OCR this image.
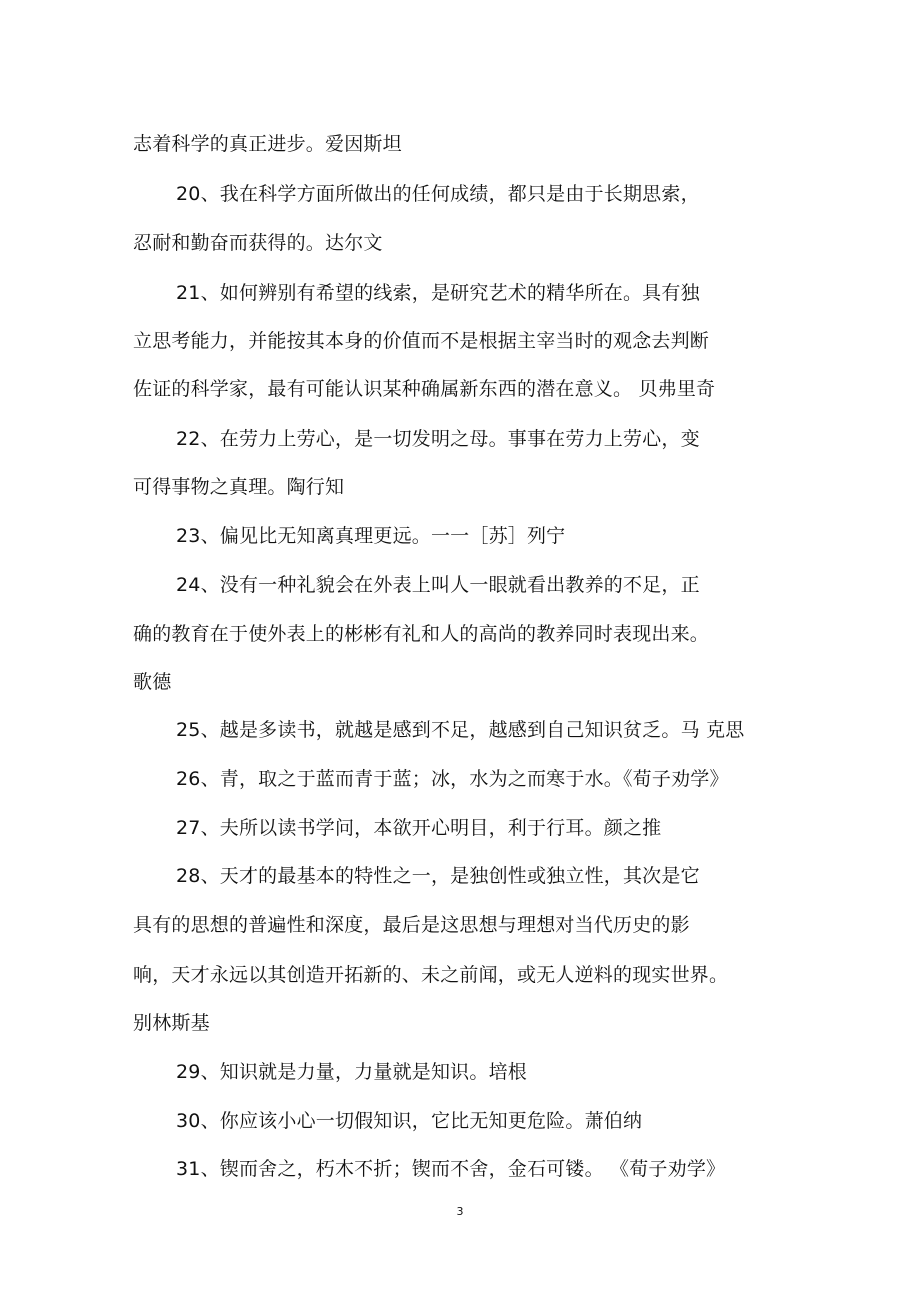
志着科学的真正进步。爱因斯坦
20、我在科学方面所做出的任何成绩，都只是由于长期思索，
忍耐和勤奋而获得的。达尔文
21、如何辨别有希望的线索，是研究艺术的精华所在。具有独
立思考能力，并能按其本身的价值而不是根据主宰当时的观念去判断
佐证的科学家，最有可能认识某种确属新东西的潜在意义。 贝弗里奇
22、在劳力上劳心，是一切发明之母。事事在劳力上劳心，变
可得事物之真理。陶行知
23、偏见比无知离真理更远。一一［苏］列宁
24、没有一种礼貌会在外表上叫人一眼就看出教养的不足，正
确的教育在于使外表上的彬彬有礼和人的高尚的教养同时表现出来。
歌德
25、越是多读书，就越是感到不足，越感到自己知识贫乏。马 克思
26、青，取之于蓝而青于蓝；冰，水为之而寒于水。《荀子劝学》
27、夫所以读书学问，本欲开心明目，利于行耳。颜之推
28、天才的最基本的特性之一，是独创性或独立性，其次是它
具有的思想的普遍性和深度，最后是这思想与理想对当代历史的影
响，天才永远以其创造开拓新的、未之前闻，或无人逆料的现实世界。
别林斯基
29、知识就是力量，力量就是知识。培根
30、你应该小心一切假知识，它比无知更危险。萧伯纳
31、锲而舍之，朽木不折；锲而不舍，金石可镂。 《荀子劝学》
3
